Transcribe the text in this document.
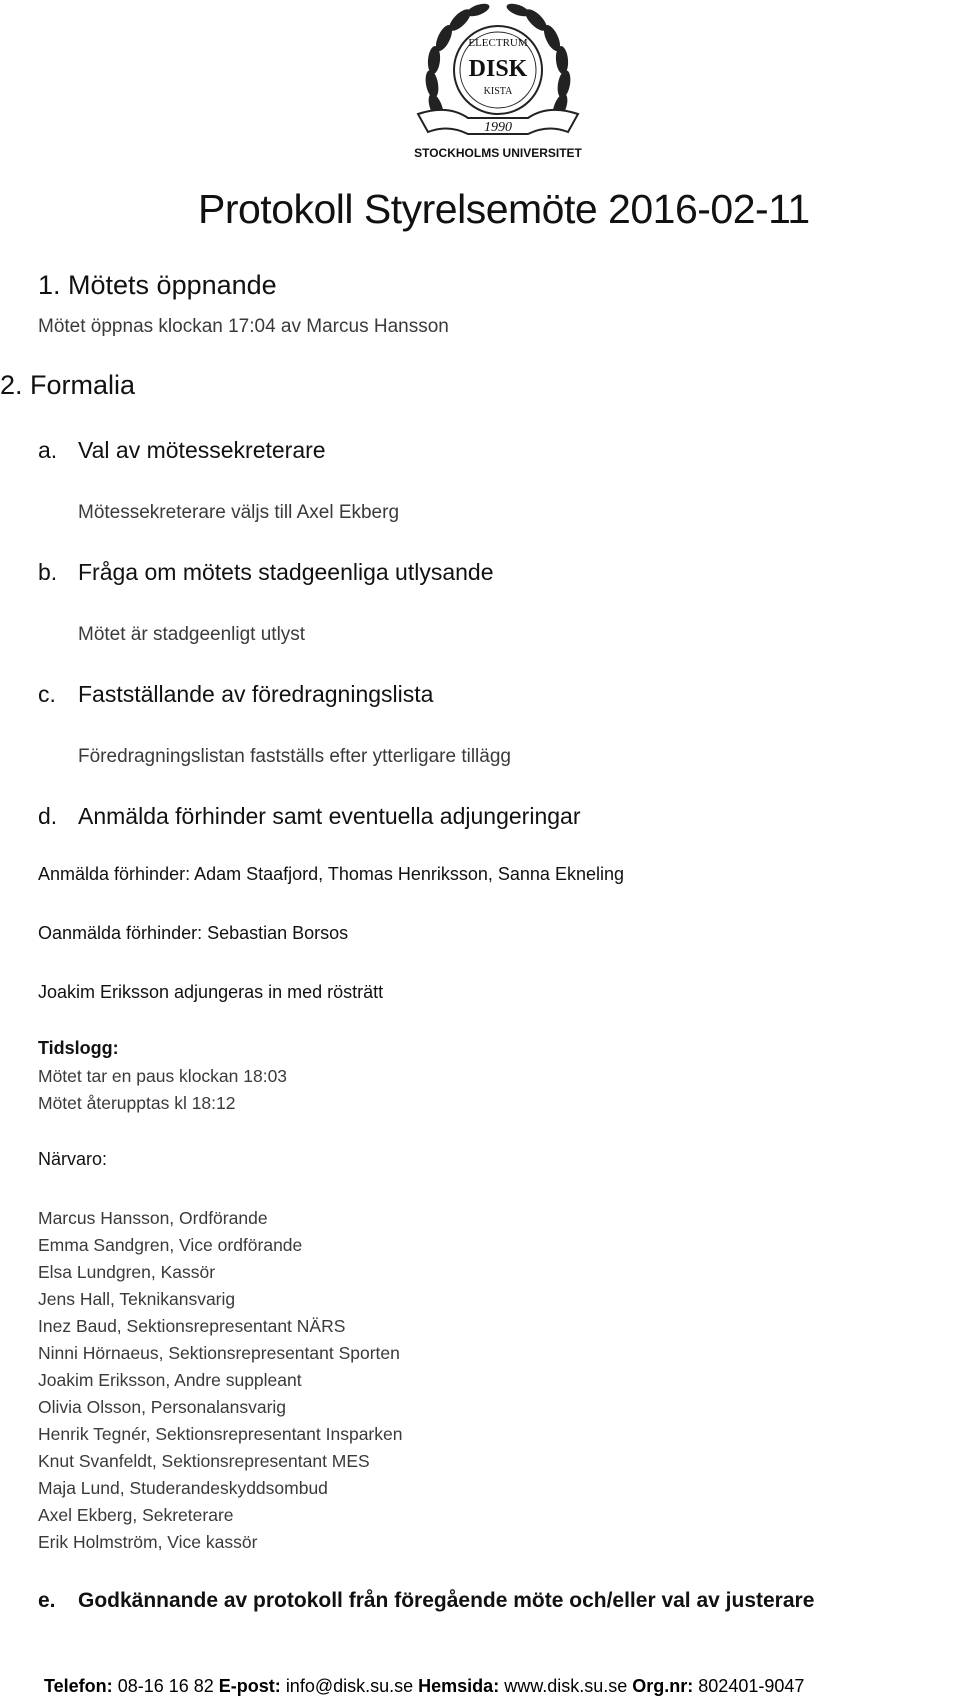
ELECTRUM
DISK
KISTA
1990
STOCKHOLMS UNIVERSITET
Protokoll Styrelsemöte 2016-02-11
1. Mötets öppnande
Mötet öppnas klockan 17:04 av Marcus Hansson
2. Formalia
a. Val av mötessekreterare
Mötessekreterare väljs till Axel Ekberg
b. Fråga om mötets stadgeenliga utlysande
Mötet är stadgeenligt utlyst
c. Fastställande av föredragningslista
Föredragningslistan fastställs efter ytterligare tillägg
d. Anmälda förhinder samt eventuella adjungeringar
Anmälda förhinder: Adam Staafjord, Thomas Henriksson, Sanna Ekneling
Oanmälda förhinder: Sebastian Borsos
Joakim Eriksson adjungeras in med rösträtt
Tidslogg:
Mötet tar en paus klockan 18:03
Mötet återupptas kl 18:12
Närvaro:
Marcus Hansson, Ordförande
Emma Sandgren, Vice ordförande
Elsa Lundgren, Kassör
Jens Hall, Teknikansvarig
Inez Baud, Sektionsrepresentant NÄRS
Ninni Hörnaeus, Sektionsrepresentant Sporten
Joakim Eriksson, Andre suppleant
Olivia Olsson, Personalansvarig
Henrik Tegnér, Sektionsrepresentant Insparken
Knut Svanfeldt, Sektionsrepresentant MES
Maja Lund, Studerandeskyddsombud
Axel Ekberg, Sekreterare
Erik Holmström, Vice kassör
e. Godkännande av protokoll från föregående möte och/eller val av justerare
Telefon: 08-16 16 82 E-post: info@disk.su.se Hemsida: www.disk.su.se Org.nr: 802401-9047
